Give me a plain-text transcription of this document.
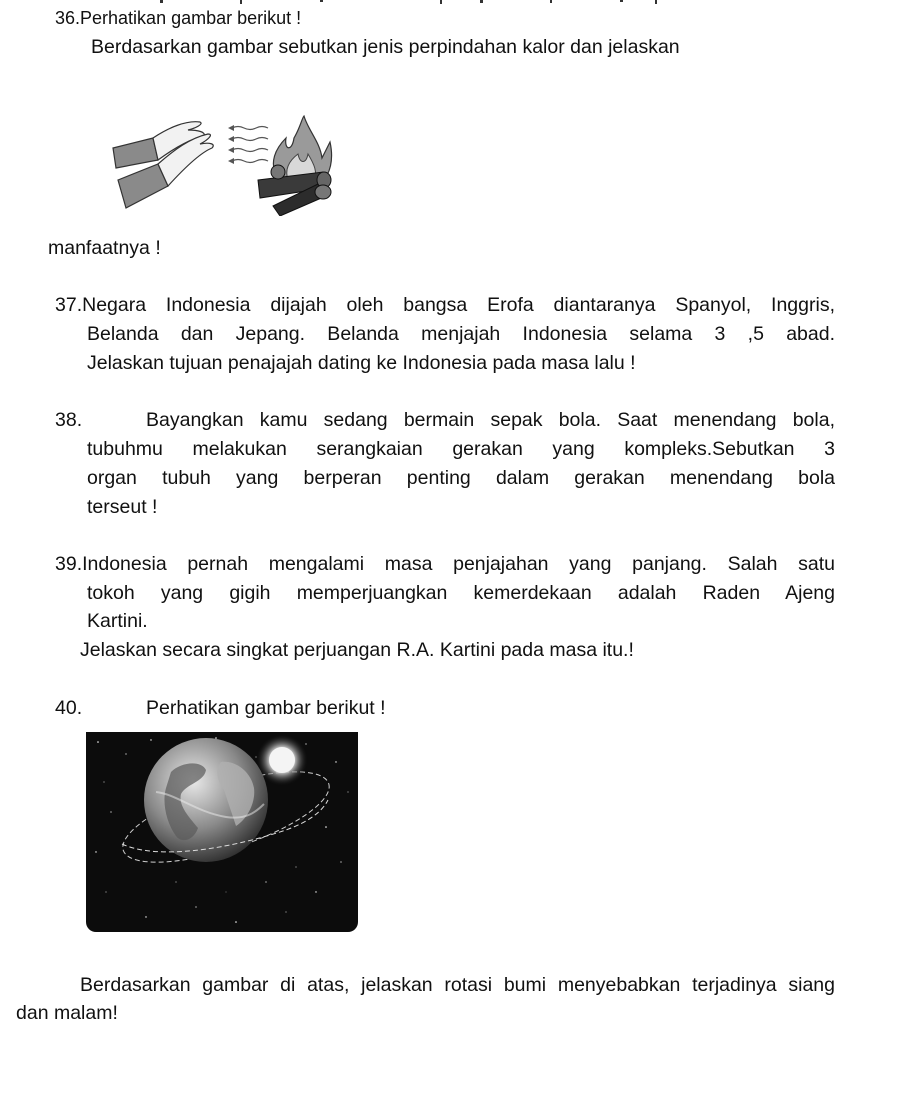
36.Perhatikan gambar berikut !
Berdasarkan gambar sebutkan jenis perpindahan kalor dan jelaskan
manfaatnya !
37.Negara Indonesia dijajah oleh bangsa Erofa diantaranya Spanyol, Inggris,
Belanda dan Jepang. Belanda menjajah Indonesia selama 3 ,5 abad.
Jelaskan tujuan penajajah dating ke Indonesia pada masa lalu !
38.	Bayangkan kamu sedang bermain sepak bola. Saat menendang bola,
tubuhmu melakukan serangkaian gerakan yang kompleks.Sebutkan 3
organ tubuh yang berperan penting dalam gerakan menendang bola
terseut !
39.Indonesia pernah mengalami masa penjajahan yang panjang. Salah satu
tokoh yang gigih memperjuangkan kemerdekaan adalah Raden Ajeng
Kartini.
Jelaskan secara singkat perjuangan R.A. Kartini pada masa itu.!
40.	Perhatikan gambar berikut !
Berdasarkan gambar di atas, jelaskan rotasi bumi menyebabkan terjadinya siang
dan malam!
